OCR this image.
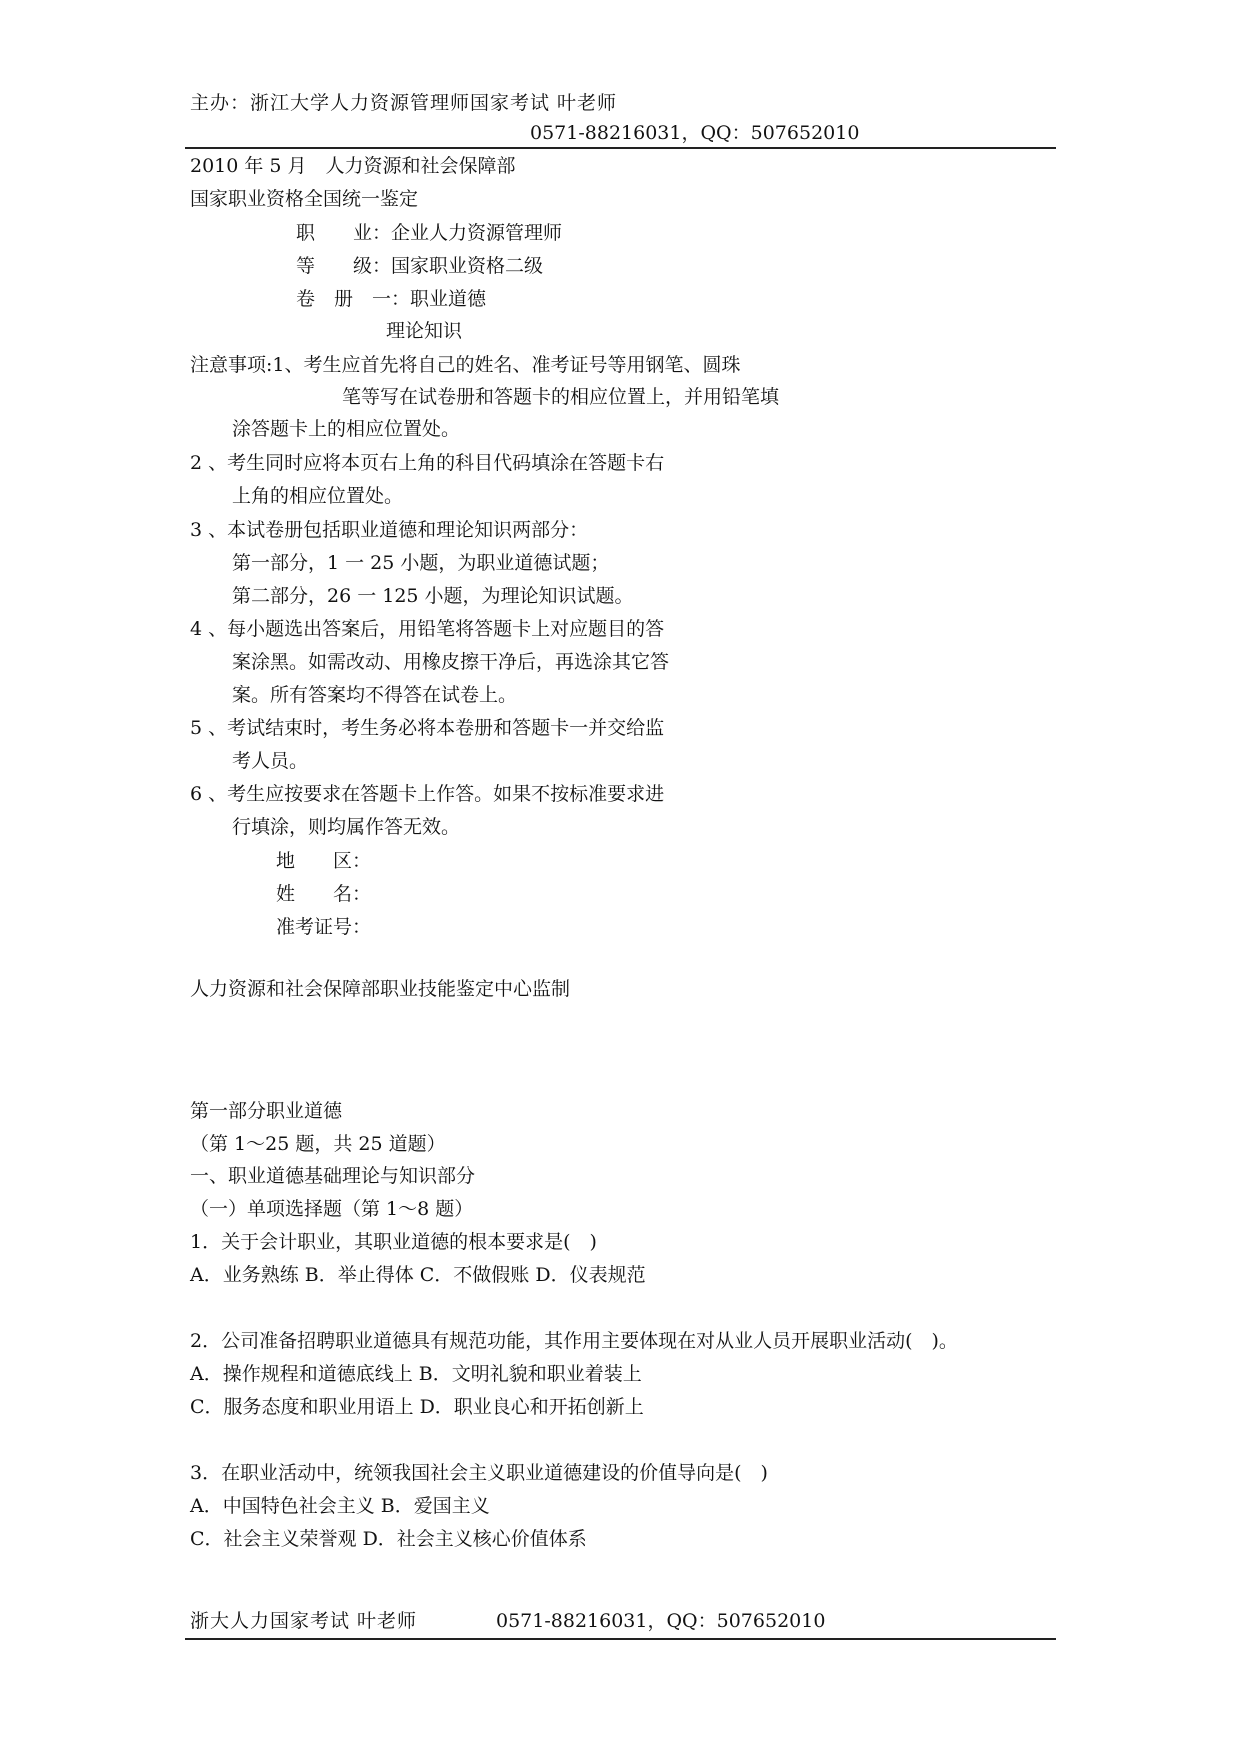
主办：浙江大学人力资源管理师国家考试 叶老师
0571-88216031，QQ：507652010
2010 年 5 月　人力资源和社会保障部
国家职业资格全国统一鉴定
职　　业：企业人力资源管理师
等　　级：国家职业资格二级
卷　册　一：职业道德
理论知识
注意事项:1、考生应首先将自己的姓名、准考证号等用钢笔、圆珠
笔等写在试卷册和答题卡的相应位置上，并用铅笔填
涂答题卡上的相应位置处。
2 、考生同时应将本页右上角的科目代码填涂在答题卡右
上角的相应位置处。
3 、本试卷册包括职业道德和理论知识两部分：
第一部分，1 一 25 小题，为职业道德试题；
第二部分，26 一 125 小题，为理论知识试题。
4 、每小题选出答案后，用铅笔将答题卡上对应题目的答
案涂黑。如需改动、用橡皮擦干净后，再选涂其它答
案。所有答案均不得答在试卷上。
5 、考试结束时，考生务必将本卷册和答题卡一并交给监
考人员。
6 、考生应按要求在答题卡上作答。如果不按标准要求进
行填涂，则均属作答无效。
地　　区：
姓　　名：
准考证号：
人力资源和社会保障部职业技能鉴定中心监制
第一部分职业道德
（第 1～25 题，共 25 道题）
一、职业道德基础理论与知识部分
（一）单项选择题（第 1～8 题）
1．关于会计职业，其职业道德的根本要求是(　)
A．业务熟练 B．举止得体 C．不做假账 D．仪表规范
2．公司准备招聘职业道德具有规范功能，其作用主要体现在对从业人员开展职业活动(　)。
A．操作规程和道德底线上 B．文明礼貌和职业着装上
C．服务态度和职业用语上 D．职业良心和开拓创新上
3．在职业活动中，统领我国社会主义职业道德建设的价值导向是(　)
A．中国特色社会主义 B．爱国主义
C．社会主义荣誉观 D．社会主义核心价值体系
浙大人力国家考试 叶老师	0571-88216031，QQ：507652010
